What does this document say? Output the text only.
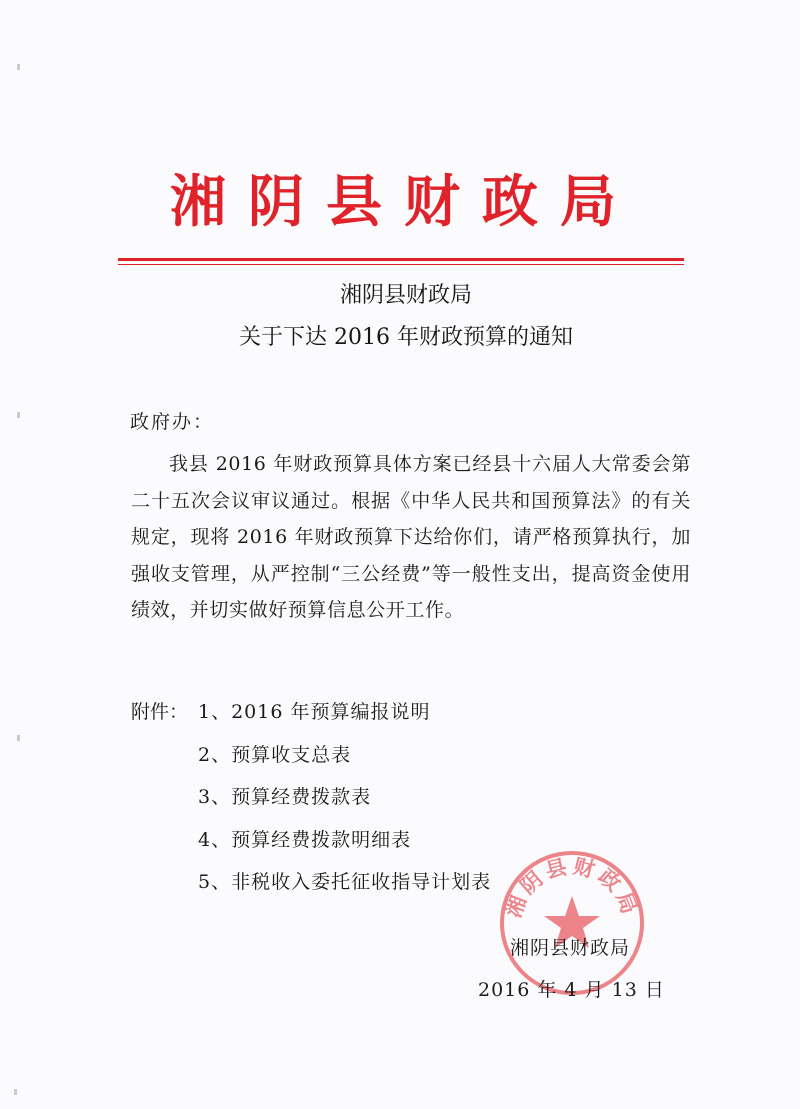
湘阴县财政局
湘阴县财政局
关于下达 2016 年财政预算的通知
政府办：

我县 2016 年财政预算具体方案已经县十六届人大常委会第二十五次会议审议通过。根据《中华人民共和国预算法》的有关规定，现将 2016 年财政预算下达给你们，请严格预算执行，加强收支管理，从严控制“三公经费”等一般性支出，提高资金使用绩效，并切实做好预算信息公开工作。

附件： 1、2016 年预算编报说明
2、预算收支总表
3、预算经费拨款表
4、预算经费拨款明细表
5、非税收入委托征收指导计划表
湘阴县财政局
湘阴县财政局
2016 年 4 月 13 日
